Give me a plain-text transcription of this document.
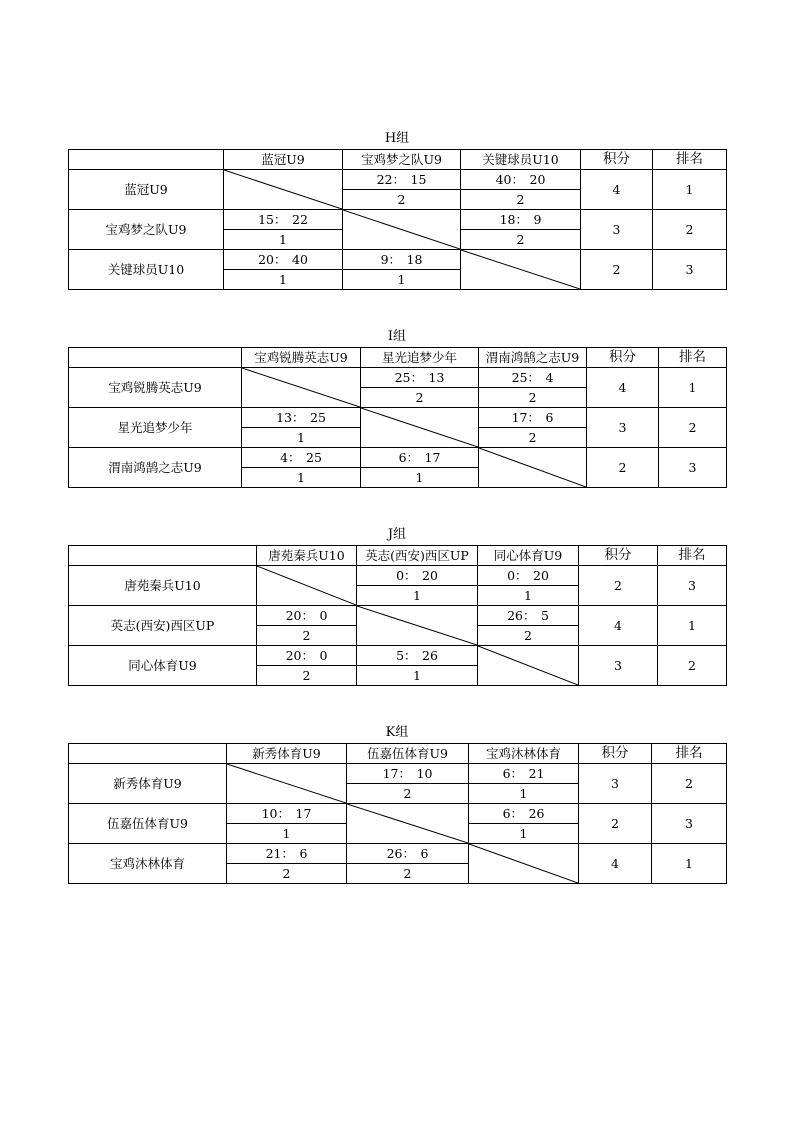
H组
	蓝冠U9	宝鸡梦之队U9	关键球员U10	积分	排名
蓝冠U9		22： 15	40： 20	4	1
		2	2		
宝鸡梦之队U9	15： 22		18： 9	3	2
	1		2		
关键球员U10	20： 40	9： 18		2	3
	1	1			
I组
	宝鸡锐腾英志U9	星光追梦少年	渭南鸿鹄之志U9	积分	排名
宝鸡锐腾英志U9		25： 13	25： 4	4	1
		2	2		
星光追梦少年	13： 25		17： 6	3	2
	1		2		
渭南鸿鹄之志U9	4： 25	6： 17		2	3
	1	1			
J组
	唐苑秦兵U10	英志(西安)西区UP	同心体育U9	积分	排名
唐苑秦兵U10		0： 20	0： 20	2	3
		1	1		
英志(西安)西区UP	20： 0		26： 5	4	1
	2		2		
同心体育U9	20： 0	5： 26		3	2
	2	1			
K组
	新秀体育U9	伍嘉伍体育U9	宝鸡沐林体育	积分	排名
新秀体育U9		17： 10	6： 21	3	2
		2	1		
伍嘉伍体育U9	10： 17		6： 26	2	3
	1		1		
宝鸡沐林体育	21： 6	26： 6		4	1
	2	2			
